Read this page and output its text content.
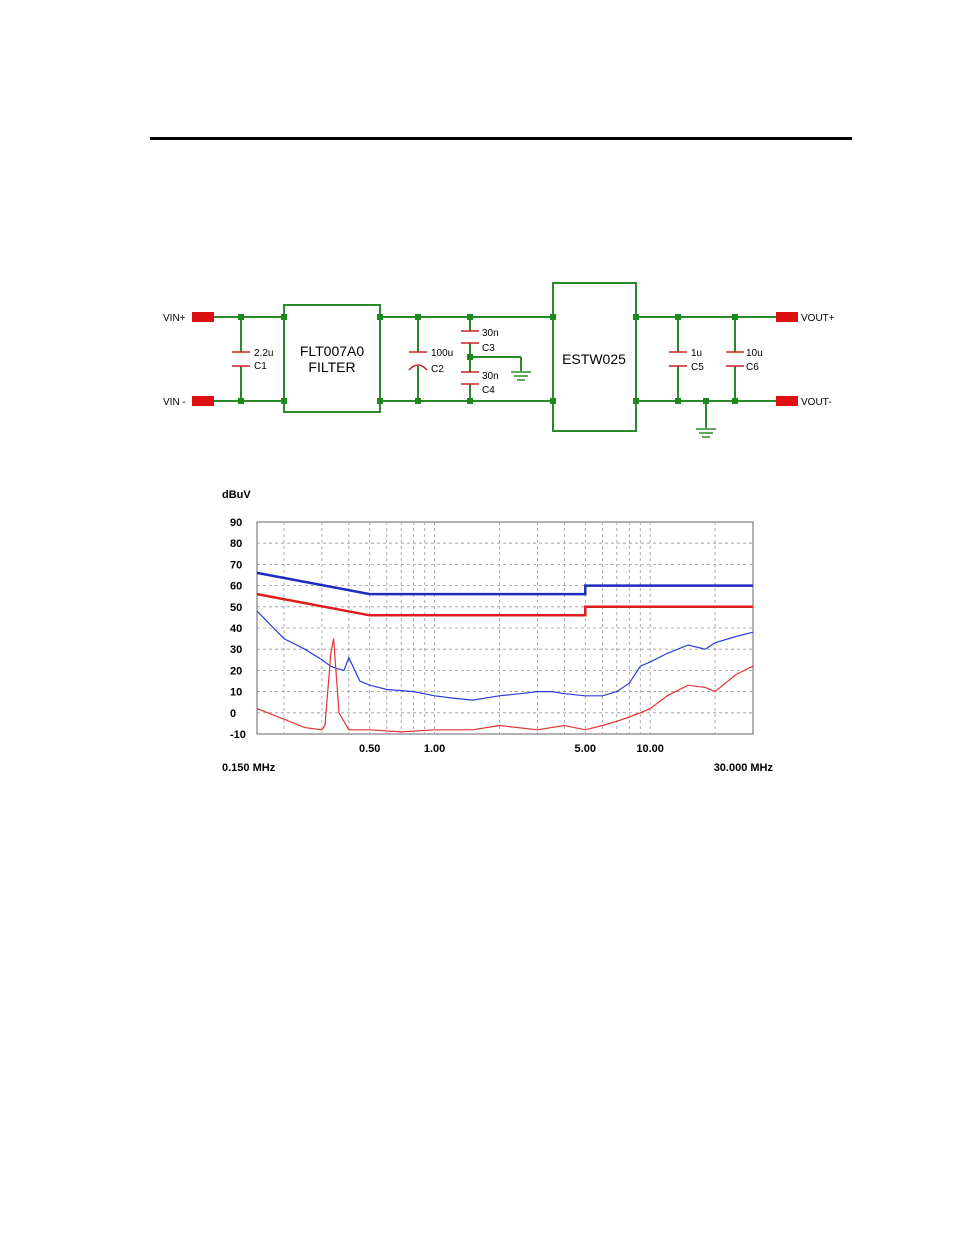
FLT007A0
FILTER	ESTW025
VIN+
VIN -
VOUT+
VOUT-
2.2u
C1
100u
C2
30n
C3
30n
C4
1u
C5
10u
C6
90
80
70
60
50
40
30
20
10
0
-10
0.50	1.00	5.00	10.00
dBuV
0.150 MHz	30.000 MHz
